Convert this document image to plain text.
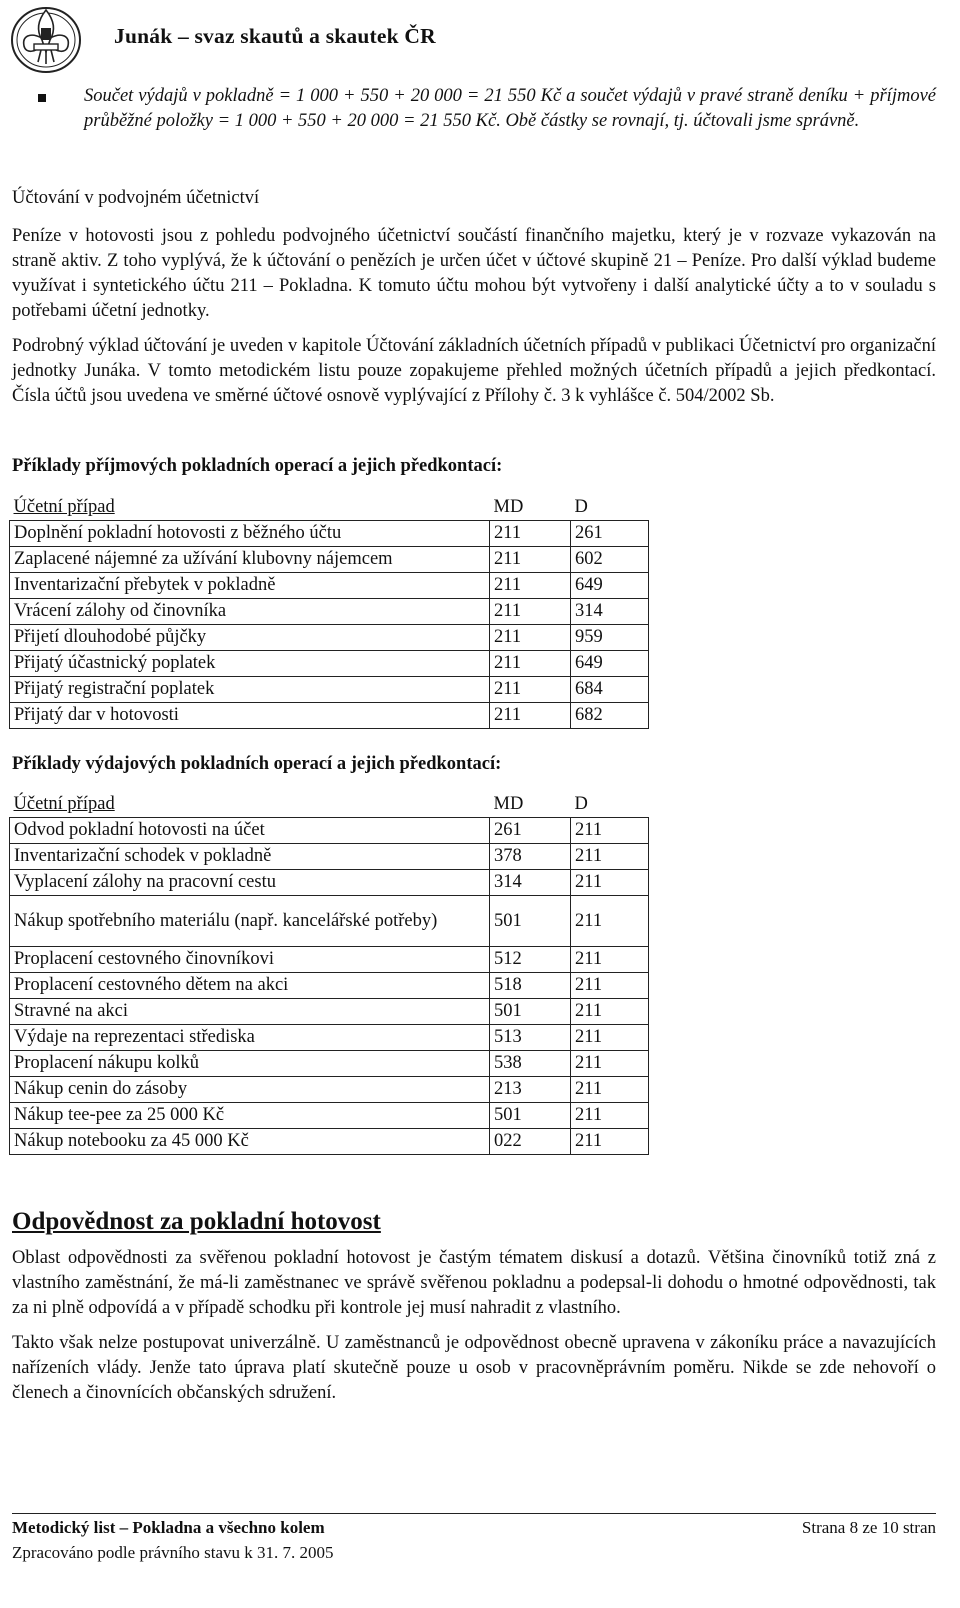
Junák – svaz skautů a skautek ČR
Součet výdajů v pokladně = 1 000 + 550 + 20 000 = 21 550 Kč a součet výdajů v pravé straně deníku + příjmové průběžné položky = 1 000 + 550 + 20 000 = 21 550 Kč. Obě částky se rovnají, tj. účtovali jsme správně.
Účtování v podvojném účetnictví

Peníze v hotovosti jsou z pohledu podvojného účetnictví součástí finančního majetku, který je v rozvaze vykazován na straně aktiv. Z toho vyplývá, že k účtování o penězích je určen účet v účtové skupině 21 – Peníze. Pro další výklad budeme využívat i syntetického účtu 211 – Pokladna. K tomuto účtu mohou být vytvořeny i další analytické účty a to v souladu s potřebami účetní jednotky.

Podrobný výklad účtování je uveden v kapitole Účtování základních účetních případů v publikaci Účetnictví pro organizační jednotky Junáka. V tomto metodickém listu pouze zopakujeme přehled možných účetních případů a jejich předkontací. Čísla účtů jsou uvedena ve směrné účtové osnově vyplývající z Přílohy č. 3 k vyhlášce č. 504/2002 Sb.

Příklady příjmových pokladních operací a jejich předkontací:
Účetní případ	MD	D
Doplnění pokladní hotovosti z běžného účtu	211	261
Zaplacené nájemné za užívání klubovny nájemcem	211	602
Inventarizační přebytek v pokladně	211	649
Vrácení zálohy od činovníka	211	314
Přijetí dlouhodobé půjčky	211	959
Přijatý účastnický poplatek	211	649
Přijatý registrační poplatek	211	684
Přijatý dar v hotovosti	211	682
Příklady výdajových pokladních operací a jejich předkontací:
Účetní případ	MD	D
Odvod pokladní hotovosti na účet	261	211
Inventarizační schodek v pokladně	378	211
Vyplacení zálohy na pracovní cestu	314	211
Nákup spotřebního materiálu (např. kancelářské potřeby)	501	211
Proplacení cestovného činovníkovi	512	211
Proplacení cestovného dětem na akci	518	211
Stravné na akci	501	211
Výdaje na reprezentaci střediska	513	211
Proplacení nákupu kolků	538	211
Nákup cenin do zásoby	213	211
Nákup tee-pee za 25 000 Kč	501	211
Nákup notebooku za 45 000 Kč	022	211
Odpovědnost za pokladní hotovost

Oblast odpovědnosti za svěřenou pokladní hotovost je častým tématem diskusí a dotazů. Většina činovníků totiž zná z vlastního zaměstnání, že má-li zaměstnanec ve správě svěřenou pokladnu a podepsal-li dohodu o hmotné odpovědnosti, tak za ni plně odpovídá a v případě schodku při kontrole jej musí nahradit z vlastního.

Takto však nelze postupovat univerzálně. U zaměstnanců je odpovědnost obecně upravena v zákoníku práce a navazujících nařízeních vlády. Jenže tato úprava platí skutečně pouze u osob v pracovněprávním poměru. Nikde se zde nehovoří o členech a činovnících občanských sdružení.

Metodický list – Pokladna a všechno kolem	Strana 8 ze 10 stran
Zpracováno podle právního stavu k 31. 7. 2005
